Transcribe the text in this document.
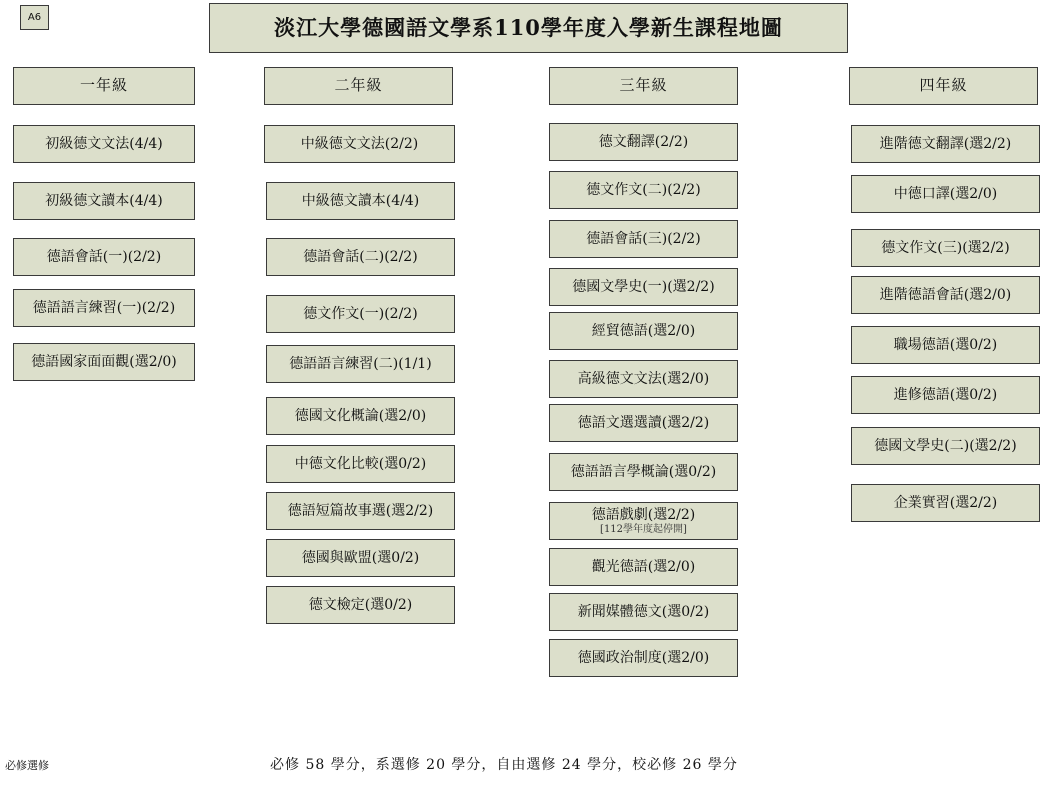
A6	淡江大學德國語文學系110學年度入學新生課程地圖
一年級
初級德文文法(4/4)
初級德文讀本(4/4)
德語會話(一)(2/2)
德語語言練習(一)(2/2)
德語國家面面觀(選2/0)
二年級
中級德文文法(2/2)
中級德文讀本(4/4)
德語會話(二)(2/2)
德文作文(一)(2/2)
德語語言練習(二)(1/1)
德國文化概論(選2/0)
中德文化比較(選0/2)
德語短篇故事選(選2/2)
德國與歐盟(選0/2)
德文檢定(選0/2)
三年級
德文翻譯(2/2)
德文作文(二)(2/2)
德語會話(三)(2/2)
德國文學史(一)(選2/2)
經貿德語(選2/0)
高級德文文法(選2/0)
德語文選選讀(選2/2)
德語語言學概論(選0/2)
德語戲劇(選2/2)
[112學年度起停開]
觀光德語(選2/0)
新聞媒體德文(選0/2)
德國政治制度(選2/0)
四年級
進階德文翻譯(選2/2)
中德口譯(選2/0)
德文作文(三)(選2/2)
進階德語會話(選2/0)
職場德語(選0/2)
進修德語(選0/2)
德國文學史(二)(選2/2)
企業實習(選2/2)
必修選修	必修 58 學分，系選修 20 學分，自由選修 24 學分，校必修 26 學分
